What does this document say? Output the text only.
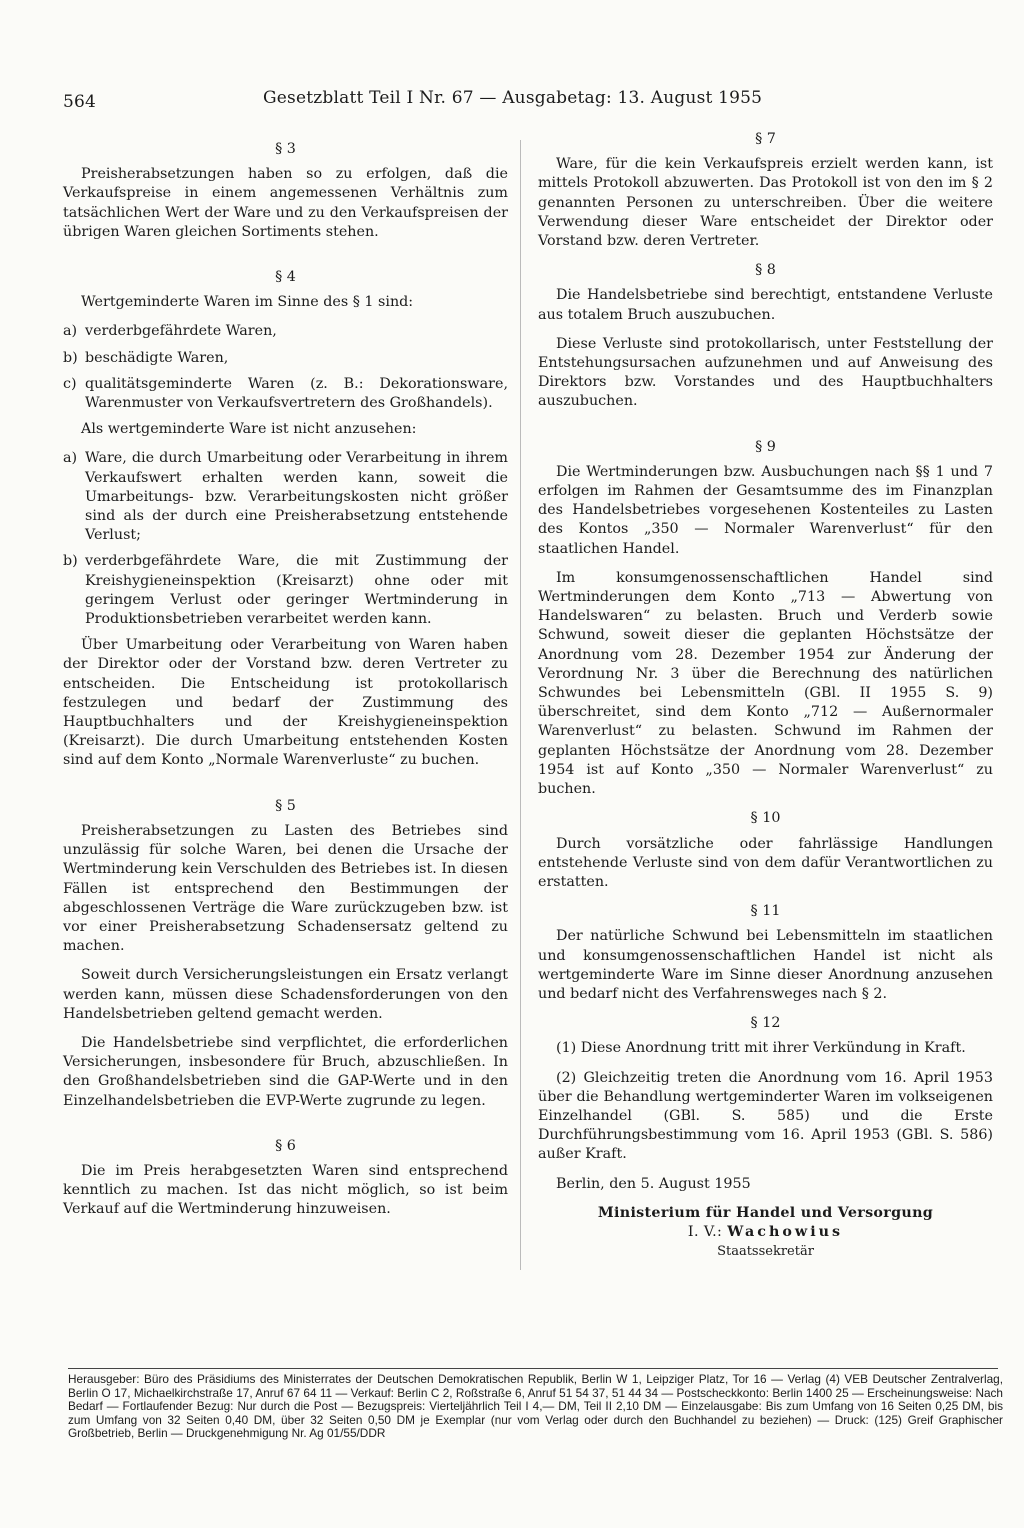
564	Gesetzblatt Teil I Nr. 67 — Ausgabetag: 13. August 1955
§ 3
Preisherabsetzungen haben so zu erfolgen, daß die Verkaufspreise in einem angemessenen Verhältnis zum tatsächlichen Wert der Ware und zu den Verkaufspreisen der übrigen Waren gleichen Sortiments stehen.
§ 4
Wertgeminderte Waren im Sinne des § 1 sind:
a) verderbgefährdete Waren,
b) beschädigte Waren,
c) qualitätsgeminderte Waren (z. B.: Dekorationsware, Warenmuster von Verkaufsvertretern des Großhandels).
Als wertgeminderte Ware ist nicht anzusehen:
a) Ware, die durch Umarbeitung oder Verarbeitung in ihrem Verkaufswert erhalten werden kann, soweit die Umarbeitungs- bzw. Verarbeitungskosten nicht größer sind als der durch eine Preisherabsetzung entstehende Verlust;
b) verderbgefährdete Ware, die mit Zustimmung der Kreishygieneinspektion (Kreisarzt) ohne oder mit geringem Verlust oder geringer Wertminderung in Produktionsbetrieben verarbeitet werden kann.
Über Umarbeitung oder Verarbeitung von Waren haben der Direktor oder der Vorstand bzw. deren Vertreter zu entscheiden. Die Entscheidung ist protokollarisch festzulegen und bedarf der Zustimmung des Hauptbuchhalters und der Kreishygieneinspektion (Kreisarzt). Die durch Umarbeitung entstehenden Kosten sind auf dem Konto „Normale Warenverluste“ zu buchen.
§ 5
Preisherabsetzungen zu Lasten des Betriebes sind unzulässig für solche Waren, bei denen die Ursache der Wertminderung kein Verschulden des Betriebes ist. In diesen Fällen ist entsprechend den Bestimmungen der abgeschlossenen Verträge die Ware zurückzugeben bzw. ist vor einer Preisherabsetzung Schadensersatz geltend zu machen.
Soweit durch Versicherungsleistungen ein Ersatz verlangt werden kann, müssen diese Schadensforderungen von den Handelsbetrieben geltend gemacht werden.
Die Handelsbetriebe sind verpflichtet, die erforderlichen Versicherungen, insbesondere für Bruch, abzuschließen. In den Großhandelsbetrieben sind die GAP-Werte und in den Einzelhandelsbetrieben die EVP-Werte zugrunde zu legen.
§ 6
Die im Preis herabgesetzten Waren sind entsprechend kenntlich zu machen. Ist das nicht möglich, so ist beim Verkauf auf die Wertminderung hinzuweisen.
§ 7
Ware, für die kein Verkaufspreis erzielt werden kann, ist mittels Protokoll abzuwerten. Das Protokoll ist von den im § 2 genannten Personen zu unterschreiben. Über die weitere Verwendung dieser Ware entscheidet der Direktor oder Vorstand bzw. deren Vertreter.
§ 8
Die Handelsbetriebe sind berechtigt, entstandene Verluste aus totalem Bruch auszubuchen.
Diese Verluste sind protokollarisch, unter Feststellung der Entstehungsursachen aufzunehmen und auf Anweisung des Direktors bzw. Vorstandes und des Hauptbuchhalters auszubuchen.
§ 9
Die Wertminderungen bzw. Ausbuchungen nach §§ 1 und 7 erfolgen im Rahmen der Gesamtsumme des im Finanzplan des Handelsbetriebes vorgesehenen Kostenteiles zu Lasten des Kontos „350 — Normaler Warenverlust“ für den staatlichen Handel.
Im konsumgenossenschaftlichen Handel sind Wertminderungen dem Konto „713 — Abwertung von Handelswaren“ zu belasten. Bruch und Verderb sowie Schwund, soweit dieser die geplanten Höchstsätze der Anordnung vom 28. Dezember 1954 zur Änderung der Verordnung Nr. 3 über die Berechnung des natürlichen Schwundes bei Lebensmitteln (GBl. II 1955 S. 9) überschreitet, sind dem Konto „712 — Außernormaler Warenverlust“ zu belasten. Schwund im Rahmen der geplanten Höchstsätze der Anordnung vom 28. Dezember 1954 ist auf Konto „350 — Normaler Warenverlust“ zu buchen.
§ 10
Durch vorsätzliche oder fahrlässige Handlungen entstehende Verluste sind von dem dafür Verantwortlichen zu erstatten.
§ 11
Der natürliche Schwund bei Lebensmitteln im staatlichen und konsumgenossenschaftlichen Handel ist nicht als wertgeminderte Ware im Sinne dieser Anordnung anzusehen und bedarf nicht des Verfahrensweges nach § 2.
§ 12
(1) Diese Anordnung tritt mit ihrer Verkündung in Kraft.
(2) Gleichzeitig treten die Anordnung vom 16. April 1953 über die Behandlung wertgeminderter Waren im volkseigenen Einzelhandel (GBl. S. 585) und die Erste Durchführungsbestimmung vom 16. April 1953 (GBl. S. 586) außer Kraft.
Berlin, den 5. August 1955
Ministerium für Handel und Versorgung
I. V.: Wachowius
Staatssekretär
Herausgeber: Büro des Präsidiums des Ministerrates der Deutschen Demokratischen Republik, Berlin W 1, Leipziger Platz, Tor 16 — Verlag (4) VEB Deutscher Zentralverlag, Berlin O 17, Michaelkirchstraße 17, Anruf 67 64 11 — Verkauf: Berlin C 2, Roßstraße 6, Anruf 51 54 37, 51 44 34 — Postscheckkonto: Berlin 1400 25 — Erscheinungsweise: Nach Bedarf — Fortlaufender Bezug: Nur durch die Post — Bezugspreis: Vierteljährlich Teil I 4,— DM, Teil II 2,10 DM — Einzelausgabe: Bis zum Umfang von 16 Seiten 0,25 DM, bis zum Umfang von 32 Seiten 0,40 DM, über 32 Seiten 0,50 DM je Exemplar (nur vom Verlag oder durch den Buchhandel zu beziehen) — Druck: (125) Greif Graphischer Großbetrieb, Berlin — Druckgenehmigung Nr. Ag 01/55/DDR
